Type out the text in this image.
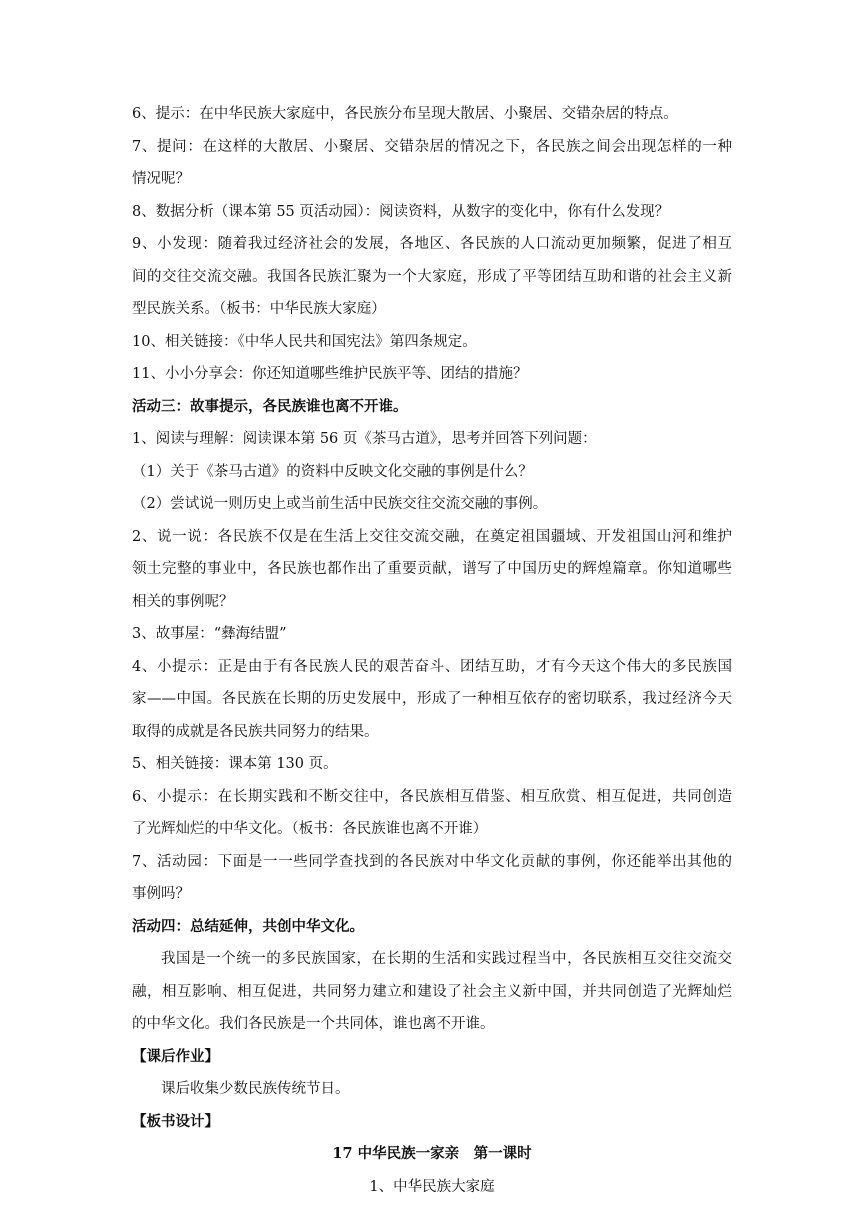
6、提示：在中华民族大家庭中，各民族分布呈现大散居、小聚居、交错杂居的特点。
7、提问：在这样的大散居、小聚居、交错杂居的情况之下，各民族之间会出现怎样的一种
情况呢？
8、数据分析（课本第 55 页活动园）：阅读资料，从数字的变化中，你有什么发现？
9、小发现：随着我过经济社会的发展，各地区、各民族的人口流动更加频繁，促进了相互
间的交往交流交融。我国各民族汇聚为一个大家庭，形成了平等团结互助和谐的社会主义新
型民族关系。（板书：中华民族大家庭）
10、相关链接：《中华人民共和国宪法》第四条规定。
11、小小分享会：你还知道哪些维护民族平等、团结的措施？
活动三：故事提示，各民族谁也离不开谁。
1、阅读与理解：阅读课本第 56 页《茶马古道》，思考并回答下列问题：
（1）关于《茶马古道》的资料中反映文化交融的事例是什么？
（2）尝试说一则历史上或当前生活中民族交往交流交融的事例。
2、说一说：各民族不仅是在生活上交往交流交融，在奠定祖国疆域、开发祖国山河和维护
领土完整的事业中，各民族也都作出了重要贡献，谱写了中国历史的辉煌篇章。你知道哪些
相关的事例呢？
3、故事屋：“彝海结盟”
4、小提示：正是由于有各民族人民的艰苦奋斗、团结互助，才有今天这个伟大的多民族国
家——中国。各民族在长期的历史发展中，形成了一种相互依存的密切联系，我过经济今天
取得的成就是各民族共同努力的结果。
5、相关链接：课本第 130 页。
6、小提示：在长期实践和不断交往中，各民族相互借鉴、相互欣赏、相互促进，共同创造
了光辉灿烂的中华文化。（板书：各民族谁也离不开谁）
7、活动园：下面是一一些同学查找到的各民族对中华文化贡献的事例，你还能举出其他的
事例吗？
活动四：总结延伸，共创中华文化。
我国是一个统一的多民族国家，在长期的生活和实践过程当中，各民族相互交往交流交
融，相互影响、相互促进，共同努力建立和建设了社会主义新中国，并共同创造了光辉灿烂
的中华文化。我们各民族是一个共同体，谁也离不开谁。
【课后作业】
课后收集少数民族传统节日。
【板书设计】
17 中华民族一家亲　第一课时
1、中华民族大家庭
